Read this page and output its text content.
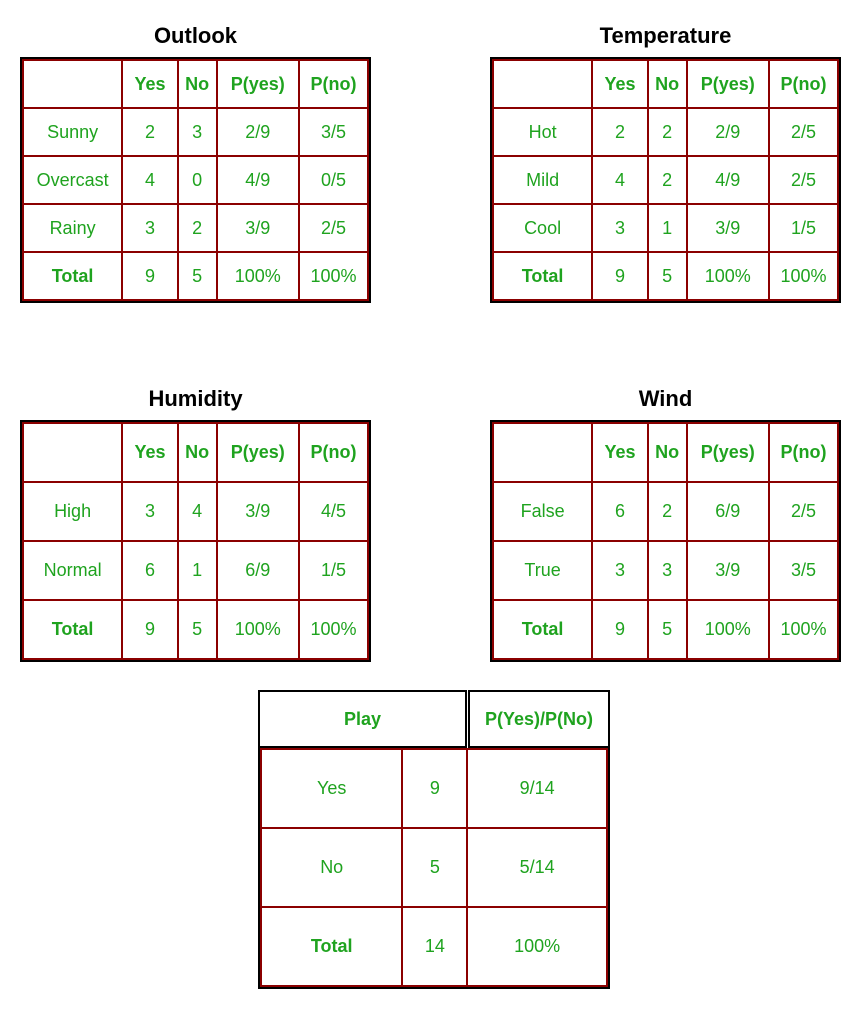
Outlook
	Yes	No	P(yes)	P(no)
Sunny	2	3	2/9	3/5
Overcast	4	0	4/9	0/5
Rainy	3	2	3/9	2/5
Total	9	5	100%	100%
Temperature
	Yes	No	P(yes)	P(no)
Hot	2	2	2/9	2/5
Mild	4	2	4/9	2/5
Cool	3	1	3/9	1/5
Total	9	5	100%	100%
Humidity
	Yes	No	P(yes)	P(no)
High	3	4	3/9	4/5
Normal	6	1	6/9	1/5
Total	9	5	100%	100%
Wind
	Yes	No	P(yes)	P(no)
False	6	2	6/9	2/5
True	3	3	3/9	3/5
Total	9	5	100%	100%
Play	P(Yes)/P(No)
Yes	9	9/14
No	5	5/14
Total	14	100%
